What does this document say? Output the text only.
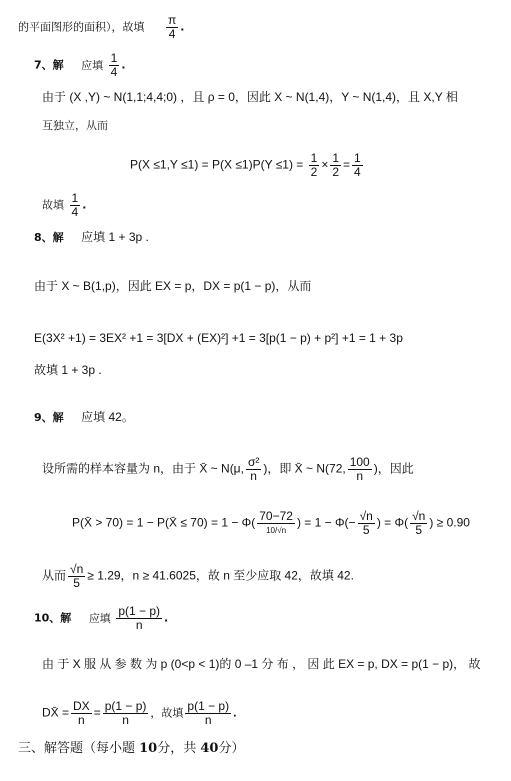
的平面图形的面积），故填 $\frac{\pi}{4}$ .
7、解 应填 $\frac{1}{4}$ .
由于 (X ,Y) ~ N(1,1;4,4;0) ，且 ρ = 0，因此 X ~ N(1,4)，Y ~ N(1,4)，且 X,Y 相
互独立，从而
$P(X \le 1,Y \le 1) = P(X \le 1)P(Y \le 1) = \frac{1}{2} \times \frac{1}{2} = \frac{1}{4}$
故填 $\frac{1}{4}$ .
8、解 应填 1 + 3p .
由于 X ~ B(1,p)，因此 EX = p，DX = p(1 − p)，从而
E(3X² +1) = 3EX² +1 = 3[DX + (EX)²] +1 = 3[p(1 − p) + p²] +1 = 1 + 3p
故填 1 + 3p .
9、解 应填 42。
设所需的样本容量为 n，由于 X̄ ~ N(μ, $\frac{\text{σ²}}{n}$ )，即 X̄ ~ N(72, $\frac{100}{n}$ )，因此
P(X̄ > 70) = 1 − P(X̄ ≤ $70) = 1 - \Phi( \frac{70-72}{10/√n}$ ) = $1 - \Phi(- \frac{√n}{5}$ ) = $\Phi( \frac{√n}{5}$ ) ≥ 0.90
从而 $\frac{√n}{5} \ge 1.29$，n ≥ 41.6025，故 n 至少应取 42，故填 42.
10、解 应填 $\frac{p(1 - p)}{n}$ .
由 于 X 服 从 参 数 为 p (0<p < 1)的 0 –1 分 布 ， 因 此 EX = p, DX = p(1 − p)， 故
DX̄ = $\frac{DX}{n} = \frac{p(1 - p)}{n}$ ，故填 $\frac{p(1 - p)}{n}$ .
三、解答题（每小题 10分，共 40分）
